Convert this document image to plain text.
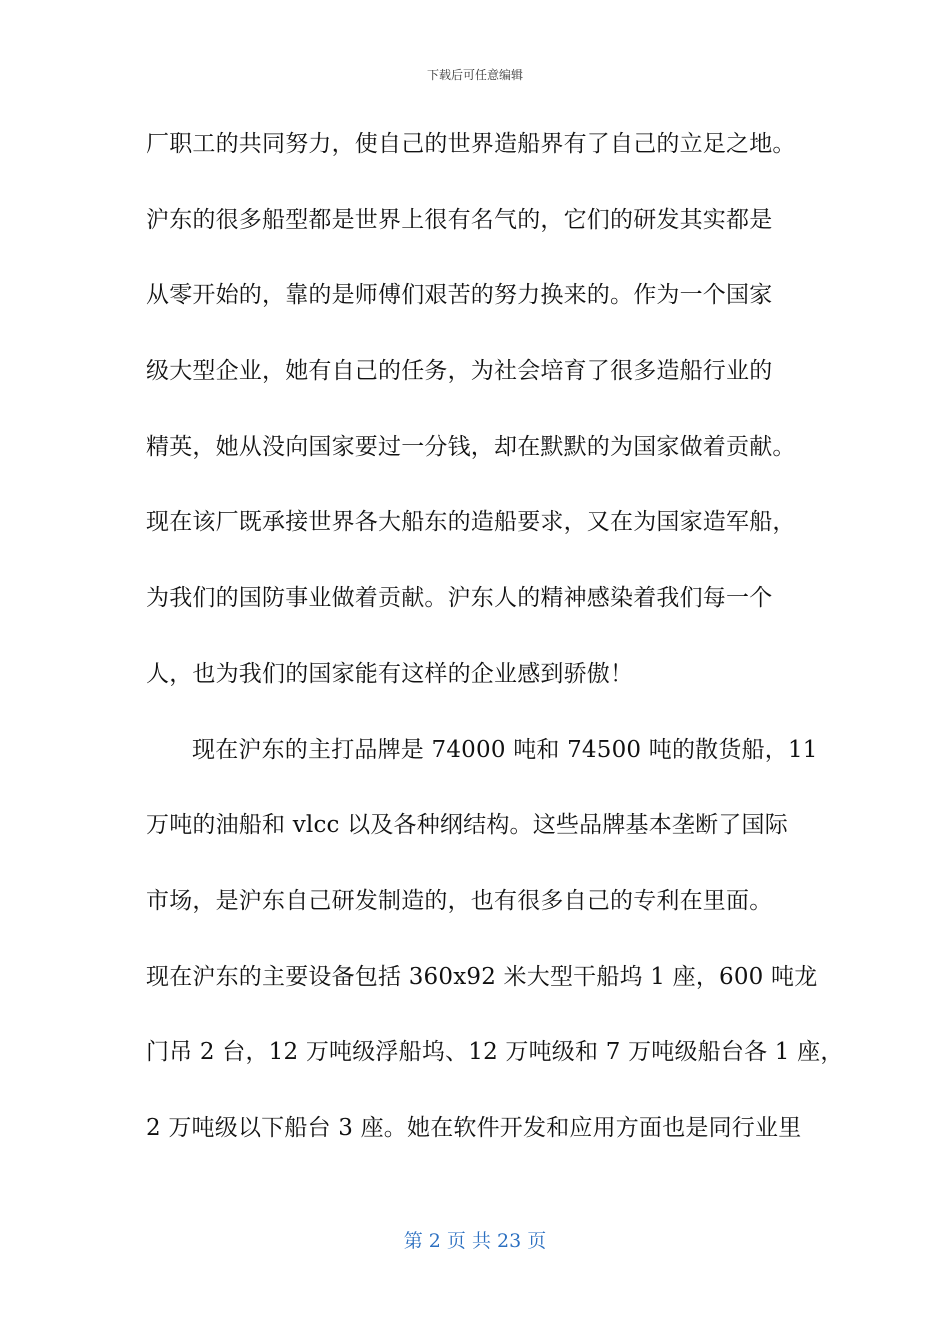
下载后可任意编辑
厂职工的共同努力，使自己的世界造船界有了自己的立足之地。
沪东的很多船型都是世界上很有名气的，它们的研发其实都是
从零开始的，靠的是师傅们艰苦的努力换来的。作为一个国家
级大型企业，她有自己的任务，为社会培育了很多造船行业的
精英，她从没向国家要过一分钱，却在默默的为国家做着贡献。
现在该厂既承接世界各大船东的造船要求，又在为国家造军船，
为我们的国防事业做着贡献。沪东人的精神感染着我们每一个
人，也为我们的国家能有这样的企业感到骄傲！
现在沪东的主打品牌是 74000 吨和 74500 吨的散货船，11
万吨的油船和 vlcc 以及各种纲结构。这些品牌基本垄断了国际
市场，是沪东自己研发制造的，也有很多自己的专利在里面。
现在沪东的主要设备包括 360x92 米大型干船坞 1 座，600 吨龙
门吊 2 台，12 万吨级浮船坞、12 万吨级和 7 万吨级船台各 1 座，
2 万吨级以下船台 3 座。她在软件开发和应用方面也是同行业里
第 2 页 共 23 页
